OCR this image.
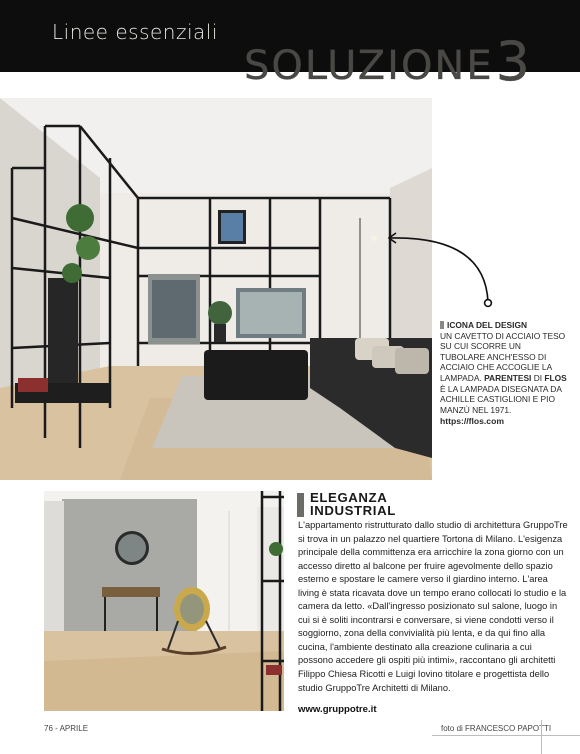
Linee essenziali
SOLUZIONE 3
ICONA DEL DESIGN
UN CAVETTO DI ACCIAIO TESO SU CUI SCORRE UN TUBOLARE ANCH'ESSO DI ACCIAIO CHE ACCOGLIE LA LAMPADA. PARENTESI DI FLOS È LA LAMPADA DISEGNATA DA ACHILLE CASTIGLIONI E PIO MANZÙ NEL 1971.
https://flos.com
ELEGANZA
INDUSTRIAL
L'appartamento ristrutturato dallo studio di architettura GruppoTre si trova in un palazzo nel quartiere Tortona di Milano. L'esigenza principale della committenza era arricchire la zona giorno con un accesso diretto al balcone per fruire agevolmente dello spazio esterno e spostare le camere verso il giardino interno. L'area living è stata ricavata dove un tempo erano collocati lo studio e la camera da letto. «Dall'ingresso posizionato sul salone, luogo in cui si è soliti incontrarsi e conversare, si viene condotti verso il soggiorno, zona della convivialità più lenta, e da qui fino alla cucina, l'ambiente destinato alla creazione culinaria a cui possono accedere gli ospiti più intimi», raccontano gli architetti Filippo Chiesa Ricotti e Luigi Iovino titolare e progettista dello studio GruppoTre Architetti di Milano.
www.gruppotre.it
76 - APRILE	foto di FRANCESCO PAPOTTI
